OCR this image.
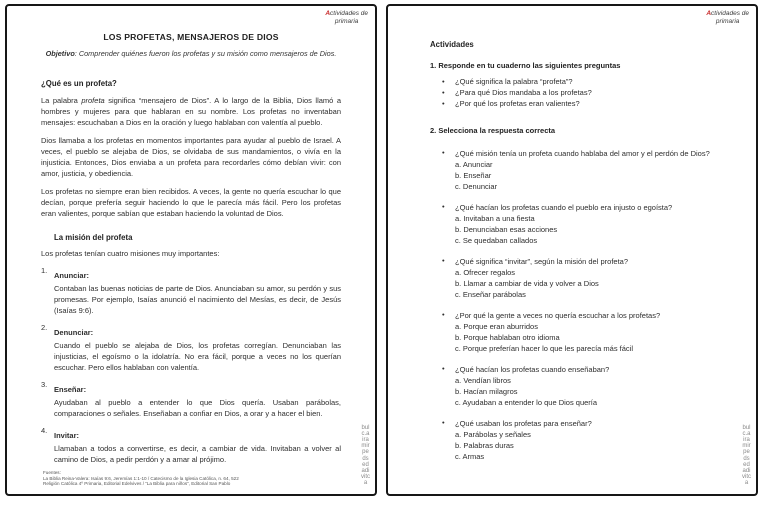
Actividades de
primaria
LOS PROFETAS, MENSAJEROS DE DIOS

Objetivo: Comprender quiénes fueron los profetas y su misión como mensajeros de Dios.

¿Qué es un profeta?

La palabra profeta significa “mensajero de Dios”. A lo largo de la Biblia, Dios llamó a hombres y mujeres para que hablaran en su nombre. Los profetas no inventaban mensajes: escuchaban a Dios en la oración y luego hablaban con valentía al pueblo.

Dios llamaba a los profetas en momentos importantes para ayudar al pueblo de Israel. A veces, el pueblo se alejaba de Dios, se olvidaba de sus mandamientos, o vivía en la injusticia. Entonces, Dios enviaba a un profeta para recordarles cómo debían vivir: con amor, justicia, y obediencia.

Los profetas no siempre eran bien recibidos. A veces, la gente no quería escuchar lo que decían, porque prefería seguir haciendo lo que le parecía más fácil. Pero los profetas eran valientes, porque sabían que estaban haciendo la voluntad de Dios.

La misión del profeta

Los profetas tenían cuatro misiones muy importantes:

1.
Anunciar:

Contaban las buenas noticias de parte de Dios. Anunciaban su amor, su perdón y sus promesas. Por ejemplo, Isaías anunció el nacimiento del Mesías, es decir, de Jesús (Isaías 9:6).

2.
Denunciar:

Cuando el pueblo se alejaba de Dios, los profetas corregían. Denunciaban las injusticias, el egoísmo o la idolatría. No era fácil, porque a veces no los querían escuchar. Pero ellos hablaban con valentía.

3.
Enseñar:

Ayudaban al pueblo a entender lo que Dios quería. Usaban parábolas, comparaciones o señales. Enseñaban a confiar en Dios, a orar y a hacer el bien.

4.
Invitar:

Llamaban a todos a convertirse, es decir, a cambiar de vida. Invitaban a volver al camino de Dios, a pedir perdón y a amar al prójimo.

Fuentes:
La Biblia Reina-Valera: Isaías 9:6, Jeremías 1:1-10 / Catecismo de la Iglesia Católica, n. 64, 522
Religión Católica 4º Primaria, Editorial Edelvives / “La Biblia para niños”, Editorial San Pablo
bulc.airamirpedsedadivitca
Actividades de
primaria
Actividades
1. Responde en tu cuaderno las siguientes preguntas
• ¿Qué significa la palabra “profeta”?
• ¿Para qué Dios mandaba a los profetas?
• ¿Por qué los profetas eran valientes?
2. Selecciona la respuesta correcta
• ¿Qué misión tenía un profeta cuando hablaba del amor y el perdón de Dios?
a. Anunciar
b. Enseñar
c. Denunciar
• ¿Qué hacían los profetas cuando el pueblo era injusto o egoísta?
a. Invitaban a una fiesta
b. Denunciaban esas acciones
c. Se quedaban callados
• ¿Qué significa “invitar”, según la misión del profeta?
a. Ofrecer regalos
b. Llamar a cambiar de vida y volver a Dios
c. Enseñar parábolas
• ¿Por qué la gente a veces no quería escuchar a los profetas?
a. Porque eran aburridos
b. Porque hablaban otro idioma
c. Porque preferían hacer lo que les parecía más fácil
• ¿Qué hacían los profetas cuando enseñaban?
a. Vendían libros
b. Hacían milagros
c. Ayudaban a entender lo que Dios quería
• ¿Qué usaban los profetas para enseñar?
a. Parábolas y señales
b. Palabras duras
c. Armas
bulc.airamirpedsedadivitca
